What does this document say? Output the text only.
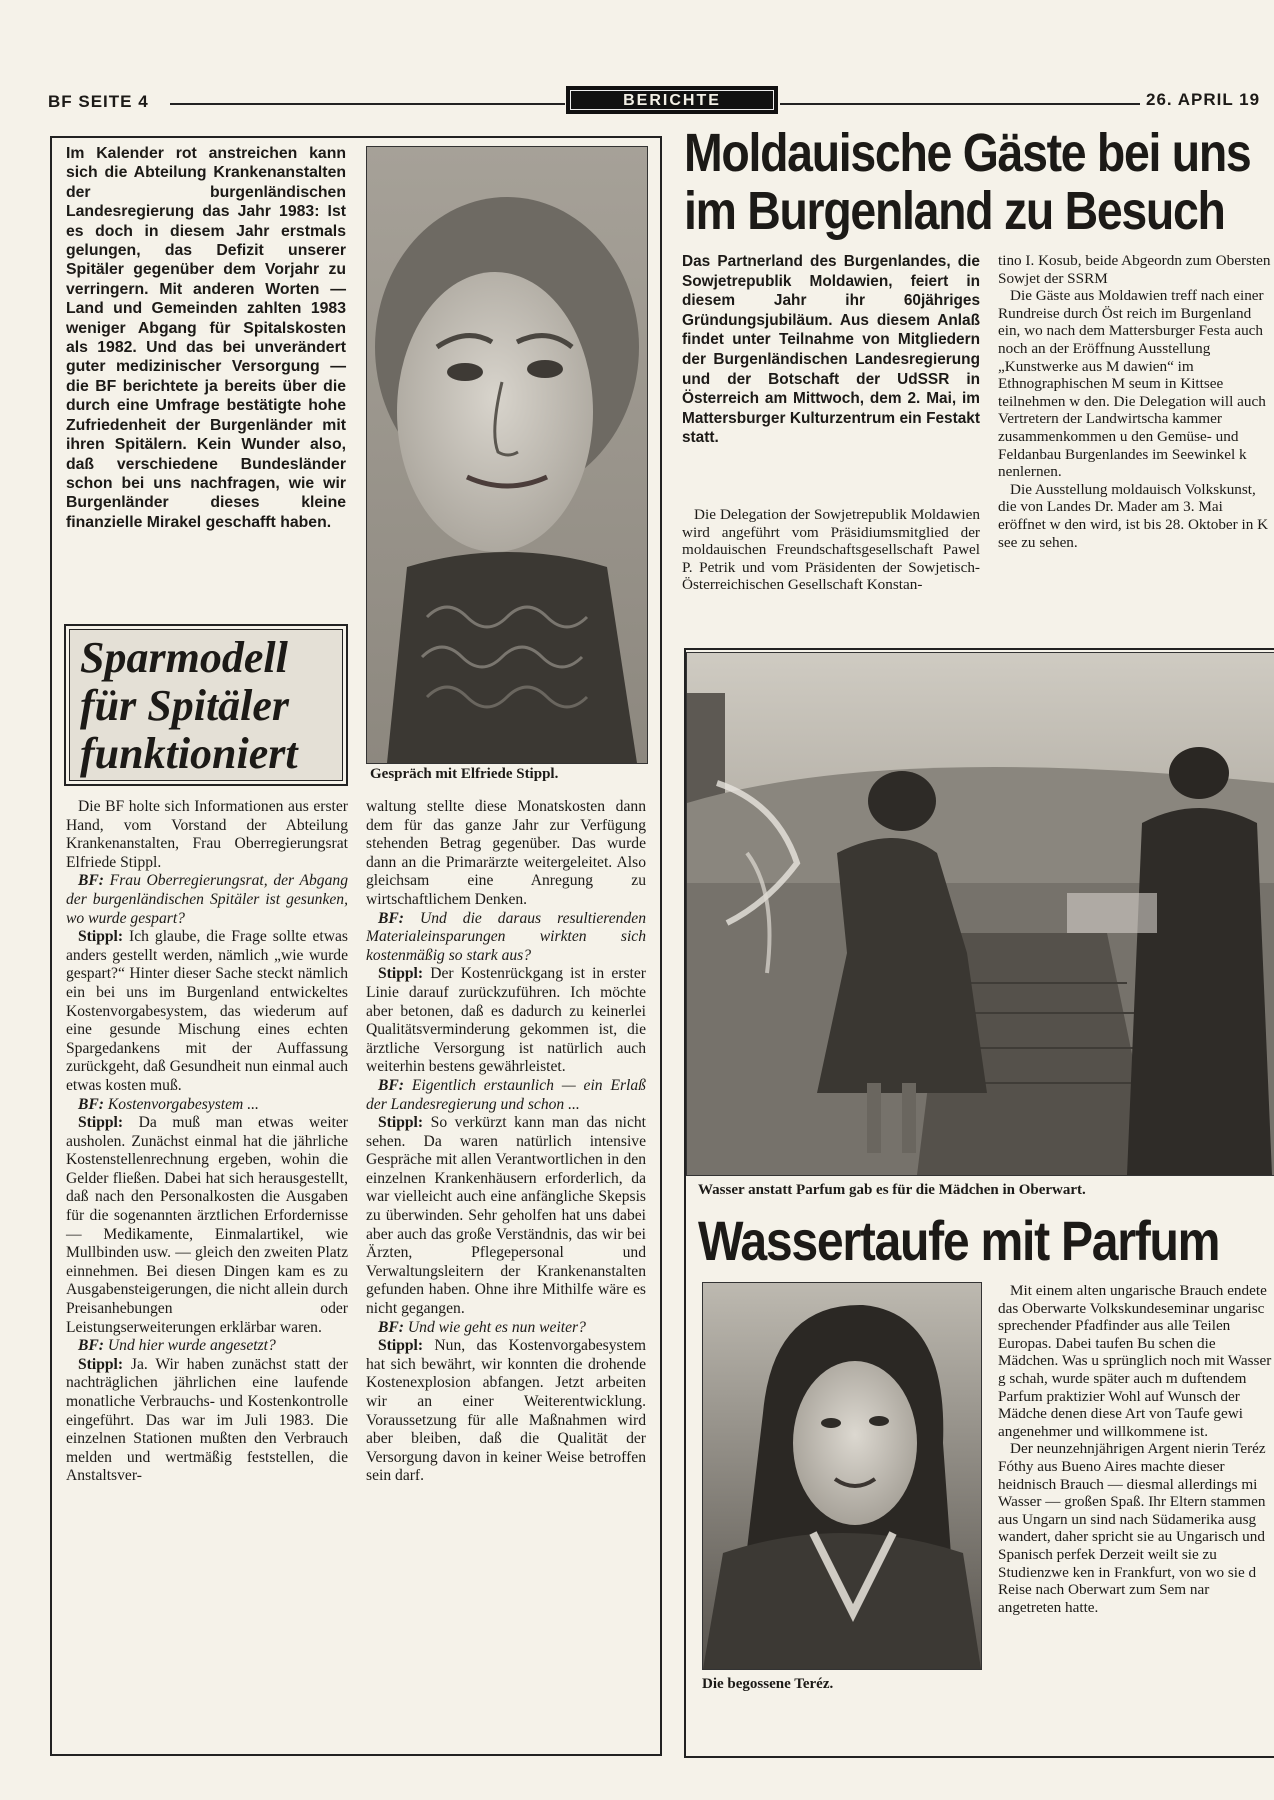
BF SEITE 4	BERICHTE	26. APRIL 19
Im Kalender rot anstreichen kann sich die Abteilung Krankenanstalten der burgenländischen Landesregierung das Jahr 1983: Ist es doch in diesem Jahr erstmals gelungen, das Defizit unserer Spitäler gegenüber dem Vorjahr zu verringern. Mit anderen Worten — Land und Gemeinden zahlten 1983 weniger Abgang für Spitalskosten als 1982. Und das bei unverändert guter medizinischer Versorgung — die BF berichtete ja bereits über die durch eine Umfrage bestätigte hohe Zufriedenheit der Burgenländer mit ihren Spitälern. Kein Wunder also, daß verschiedene Bundesländer schon bei uns nachfragen, wie wir Burgenländer dieses kleine finanzielle Mirakel geschafft haben.
Sparmodell
für Spitäler
funktioniert	Gespräch mit Elfriede Stippl.

Die BF holte sich Informationen aus erster Hand, vom Vorstand der Abteilung Krankenanstalten, Frau Oberregierungsrat Elfriede Stippl.

BF: Frau Oberregierungsrat, der Abgang der burgenländischen Spitäler ist gesunken, wo wurde gespart?

Stippl: Ich glaube, die Frage sollte etwas anders gestellt werden, nämlich „wie wurde gespart?“ Hinter dieser Sache steckt nämlich ein bei uns im Burgenland entwickeltes Kostenvorgabesystem, das wiederum auf eine gesunde Mischung eines echten Spargedankens mit der Auffassung zurückgeht, daß Gesundheit nun einmal auch etwas kosten muß.

BF: Kostenvorgabesystem ...

Stippl: Da muß man etwas weiter ausholen. Zunächst einmal hat die jährliche Kostenstellenrechnung ergeben, wohin die Gelder fließen. Dabei hat sich herausgestellt, daß nach den Personalkosten die Ausgaben für die sogenannten ärztlichen Erfordernisse — Medikamente, Einmalartikel, wie Mullbinden usw. — gleich den zweiten Platz einnehmen. Bei diesen Dingen kam es zu Ausgabensteigerungen, die nicht allein durch Preisanhebungen oder Leistungserweiterungen erklärbar waren.

BF: Und hier wurde angesetzt?

Stippl: Ja. Wir haben zunächst statt der nachträglichen jährlichen eine laufende monatliche Verbrauchs- und Kostenkontrolle eingeführt. Das war im Juli 1983. Die einzelnen Stationen mußten den Verbrauch melden und wertmäßig feststellen, die Anstaltsver-

waltung stellte diese Monatskosten dann dem für das ganze Jahr zur Verfügung stehenden Betrag gegenüber. Das wurde dann an die Primarärzte weitergeleitet. Also gleichsam eine Anregung zu wirtschaftlichem Denken.

BF: Und die daraus resultierenden Materialeinsparungen wirkten sich kostenmäßig so stark aus?

Stippl: Der Kostenrückgang ist in erster Linie darauf zurückzuführen. Ich möchte aber betonen, daß es dadurch zu keinerlei Qualitätsverminderung gekommen ist, die ärztliche Versorgung ist natürlich auch weiterhin bestens gewährleistet.

BF: Eigentlich erstaunlich — ein Erlaß der Landesregierung und schon ...

Stippl: So verkürzt kann man das nicht sehen. Da waren natürlich intensive Gespräche mit allen Verantwortlichen in den einzelnen Krankenhäusern erforderlich, da war vielleicht auch eine anfängliche Skepsis zu überwinden. Sehr geholfen hat uns dabei aber auch das große Verständnis, das wir bei Ärzten, Pflegepersonal und Verwaltungsleitern der Krankenanstalten gefunden haben. Ohne ihre Mithilfe wäre es nicht gegangen.

BF: Und wie geht es nun weiter?

Stippl: Nun, das Kostenvorgabesystem hat sich bewährt, wir konnten die drohende Kostenexplosion abfangen. Jetzt arbeiten wir an einer Weiterentwicklung. Voraussetzung für alle Maßnahmen wird aber bleiben, daß die Qualität der Versorgung davon in keiner Weise betroffen sein darf.

Moldauische Gäste bei uns
im Burgenland zu Besuch
Das Partnerland des Burgenlandes, die Sowjetrepublik Moldawien, feiert in diesem Jahr ihr 60jähriges Gründungsjubiläum. Aus diesem Anlaß findet unter Teilnahme von Mitgliedern der Burgenländischen Landesregierung und der Botschaft der UdSSR in Österreich am Mittwoch, dem 2. Mai, im Mattersburger Kulturzentrum ein Festakt statt.

Die Delegation der Sowjetrepublik Moldawien wird angeführt vom Präsidiumsmitglied der moldauischen Freundschaftsgesellschaft Pawel P. Petrik und vom Präsidenten der Sowjetisch-Österreichischen Gesellschaft Konstan-

tino I. Kosub, beide Abgeordn zum Obersten Sowjet der SSRM

Die Gäste aus Moldawien treff nach einer Rundreise durch Öst reich im Burgenland ein, wo nach dem Mattersburger Festa auch noch an der Eröffnung Ausstellung „Kunstwerke aus M dawien“ im Ethnographischen M seum in Kittsee teilnehmen w den. Die Delegation will auch Vertretern der Landwirtscha kammer zusammenkommen u den Gemüse- und Feldanbau Burgenlandes im Seewinkel k nenlernen.

Die Ausstellung moldauisch Volkskunst, die von Landes Dr. Mader am 3. Mai eröffnet w den wird, ist bis 28. Oktober in K see zu sehen.

Wasser anstatt Parfum gab es für die Mädchen in Oberwart.
Wassertaufe mit Parfum
Die begossene Teréz.

Mit einem alten ungarische Brauch endete das Oberwarte Volkskundeseminar ungarisc sprechender Pfadfinder aus alle Teilen Europas. Dabei taufen Bu schen die Mädchen. Was u sprünglich noch mit Wasser g schah, wurde später auch m duftendem Parfum praktizier Wohl auf Wunsch der Mädche denen diese Art von Taufe gewi angenehmer und willkommene ist.

Der neunzehnjährigen Argent nierin Teréz Fóthy aus Bueno Aires machte dieser heidnisch Brauch — diesmal allerdings mi Wasser — großen Spaß. Ihr Eltern stammen aus Ungarn un sind nach Südamerika ausg wandert, daher spricht sie au Ungarisch und Spanisch perfek Derzeit weilt sie zu Studienzwe ken in Frankfurt, von wo sie d Reise nach Oberwart zum Sem nar angetreten hatte.
